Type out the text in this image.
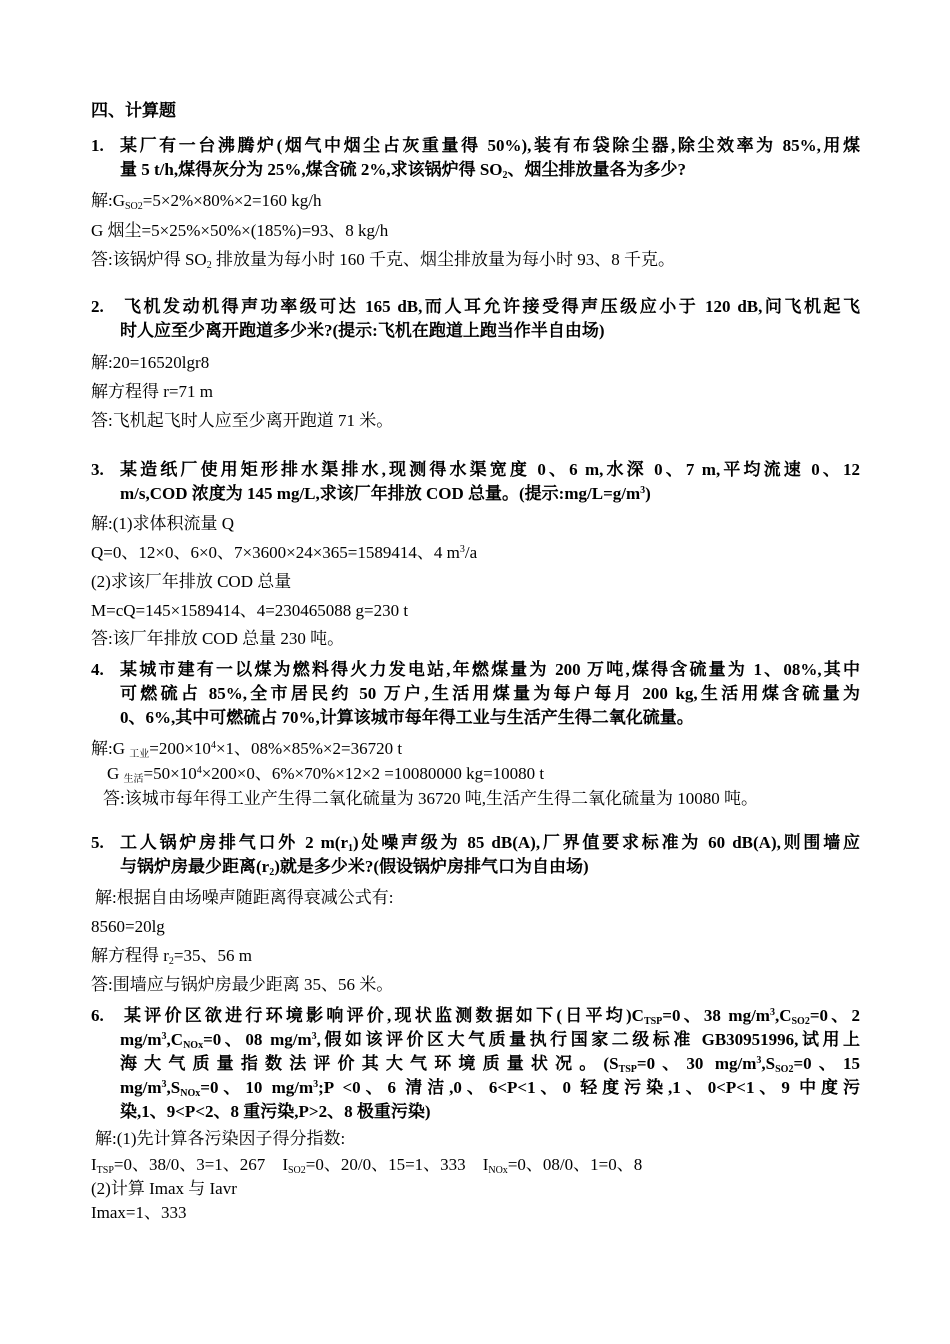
四、计算题
1. 某厂有一台沸腾炉(烟气中烟尘占灰重量得 50%),装有布袋除尘器,除尘效率为 85%,用煤
量 5 t/h,煤得灰分为 25%,煤含硫 2%,求该锅炉得 $SO_2$、烟尘排放量各为多少?
解$:G_{SO2}=5\times 2\%\times 80\%\times 2=160$ kg/h
G 烟尘=5×25%×50%×(185%)=93、8 kg/h
答:该锅炉得 $SO_2$ 排放量为每小时 160 千克、烟尘排放量为每小时 93、8 千克。
2. 飞机发动机得声功率级可达 165 dB,而人耳允许接受得声压级应小于 120 dB,问飞机起飞
时人应至少离开跑道多少米?(提示:飞机在跑道上跑当作半自由场)
解:20=16520lgr8
解方程得 r=71 m
答:飞机起飞时人应至少离开跑道 71 米。
3. 某造纸厂使用矩形排水渠排水,现测得水渠宽度 0、6 m,水深 0、7 m,平均流速 0、12
m/s,COD 浓度为 145 mg/L,求该厂年排放 COD 总量。(提示$:mg/L=g/m^3$)
解:(1)求体积流量 Q
Q=0、12×0、6×0、7×3600×24×365=1589414、4 $m^3/a$
(2)求该厂年排放 COD 总量
M=cQ=145×1589414、4=230465088 g=230 t
答:该厂年排放 COD 总量 230 吨。
4. 某城市建有一以煤为燃料得火力发电站,年燃煤量为 200 万吨,煤得含硫量为 1、08%,其中
可燃硫占 85%,全市居民约 50 万户,生活用煤量为每户每月 200 kg,生活用煤含硫量为
0、6%,其中可燃硫占 70%,计算该城市每年得工业与生活产生得二氧化硫量。
解:G $_{工业}=200\times 10^4\times 1$、08%×85%×2=36720 t
G $_{生活}=50\times 10^4\times 200\times 0$、6%×70%×12×2 =10080000 kg=10080 t
答:该城市每年得工业产生得二氧化硫量为 36720 吨,生活产生得二氧化硫量为 10080 吨。
5. 工人锅炉房排气口外 2 $m(r_1)$处噪声级为 85 dB(A),厂界值要求标准为 60 dB(A),则围墙应
与锅炉房最少距离$(r_2)$就是多少米?(假设锅炉房排气口为自由场)
解:根据自由场噪声随距离得衰减公式有:
8560=20lg
解方程得 $r_2=35$、56 m
答:围墙应与锅炉房最少距离 35、56 米。
6. 某评价区欲进行环境影响评价,现状监测数据如下(日平均)$C_{TSP}=0$、38 $mg/m^3,C_{SO2}=0$、2
$mg/m^3,C_{NOx}=0$、08 $mg/m^3$,假如该评价区大气质量执行国家二级标准 GB30951996,试用上
海大气质量指数法评价其大气环境质量状况。($S_{TSP}=0$、30 $mg/m^3,S_{SO2}=0$、15
$mg/m^3,S_{NOx}=0$、10 $mg/m^3;P <0$、6 清洁,0、6<P<1、0 轻度污染,1、0<P<1、9 中度污
染,1、9<P<2、8 重污染,P>2、8 极重污染)
解:(1)先计算各污染因子得分指数:
$I_{TSP}=0$、38/0、3=1、267 $I_{SO2}=0$、20/0、15=1、333 $I_{NOx}=0$、08/0、1=0、8
(2)计算 Imax 与 Iavr
Imax=1、333
